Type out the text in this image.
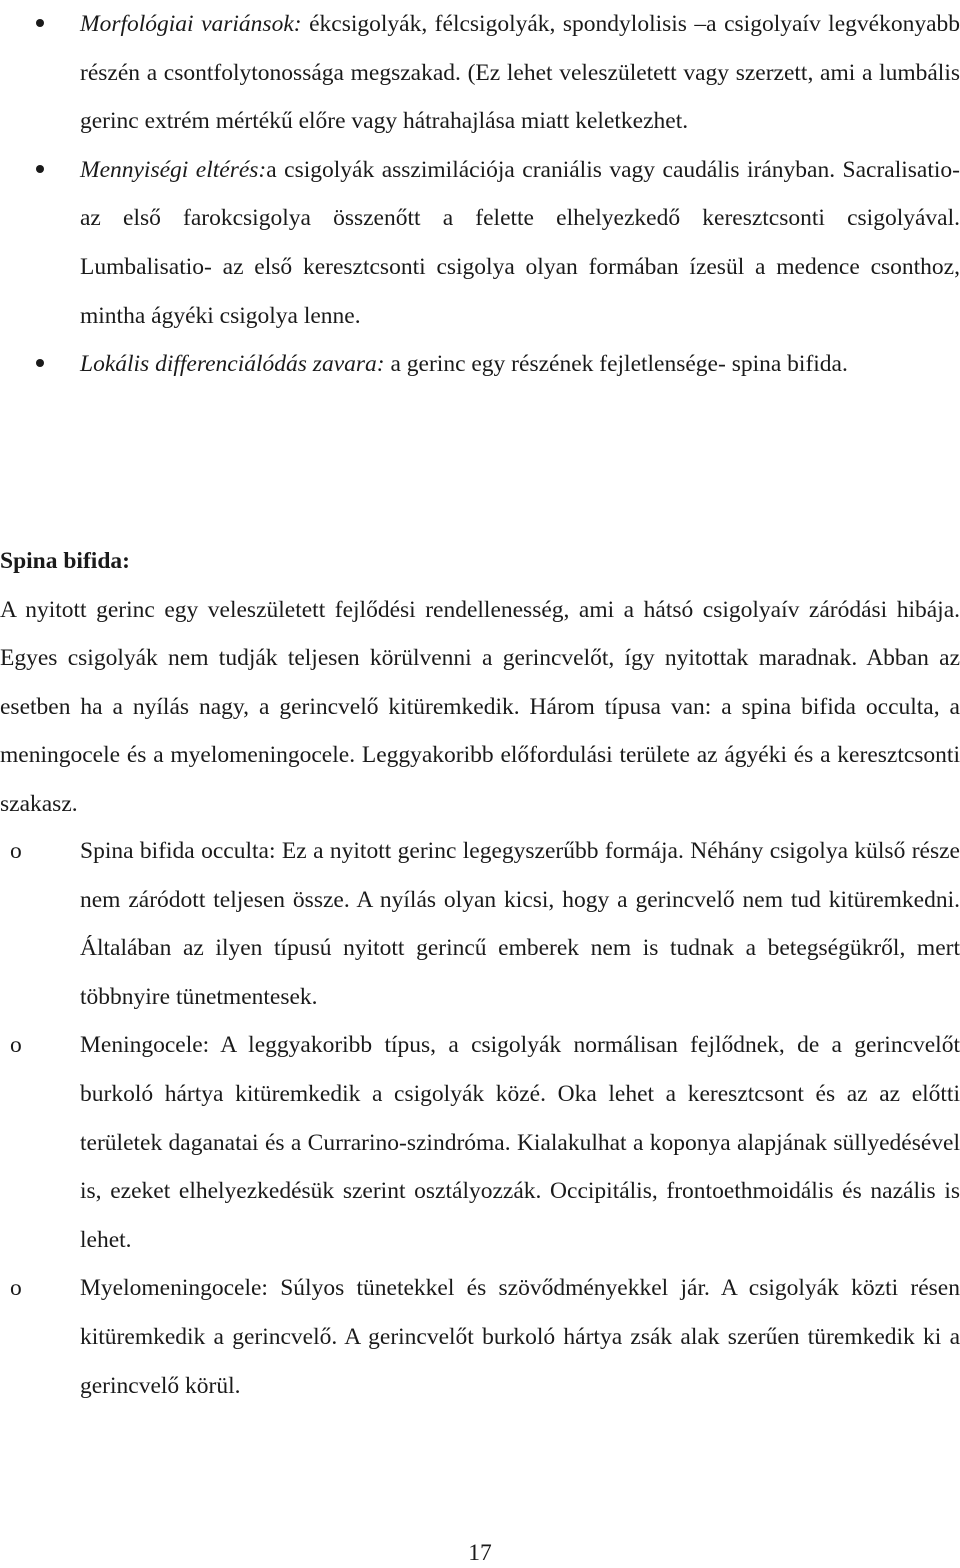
Morfológiai variánsok: ékcsigolyák, félcsigolyák, spondylolisis –a csigolyaív legvékonyabb részén a csontfolytonossága megszakad. (Ez lehet veleszületett vagy szerzett, ami a lumbális gerinc extrém mértékű előre vagy hátrahajlása miatt keletkezhet.
Mennyiségi eltérés:a csigolyák asszimilációja craniális vagy caudális irányban. Sacralisatio- az első farokcsigolya összenőtt a felette elhelyezkedő keresztcsonti csigolyával. Lumbalisatio- az első keresztcsonti csigolya olyan formában ízesül a medence csonthoz, mintha ágyéki csigolya lenne.
Lokális differenciálódás zavara: a gerinc egy részének fejletlensége- spina bifida.

Spina bifida:

A nyitott gerinc egy veleszületett fejlődési rendellenesség, ami a hátsó csigolyaív záródási hibája. Egyes csigolyák nem tudják teljesen körülvenni a gerincvelőt, így nyitottak maradnak. Abban az esetben ha a nyílás nagy, a gerincvelő kitüremkedik. Három típusa van: a spina bifida occulta, a meningocele és a myelomeningocele. Leggyakoribb előfordulási területe az ágyéki és a keresztcsonti szakasz.

o Spina bifida occulta: Ez a nyitott gerinc legegyszerűbb formája. Néhány csigolya külső része nem záródott teljesen össze. A nyílás olyan kicsi, hogy a gerincvelő nem tud kitüremkedni. Általában az ilyen típusú nyitott gerincű emberek nem is tudnak a betegségükről, mert többnyire tünetmentesek.
o Meningocele: A leggyakoribb típus, a csigolyák normálisan fejlődnek, de a gerincvelőt burkoló hártya kitüremkedik a csigolyák közé. Oka lehet a keresztcsont és az az előtti területek daganatai és a Currarino-szindróma. Kialakulhat a koponya alapjának süllyedésével is, ezeket elhelyezkedésük szerint osztályozzák. Occipitális, frontoethmoidális és nazális is lehet.
o Myelomeningocele: Súlyos tünetekkel és szövődményekkel jár. A csigolyák közti résen kitüremkedik a gerincvelő. A gerincvelőt burkoló hártya zsák alak szerűen türemkedik ki a gerincvelő körül.
17
